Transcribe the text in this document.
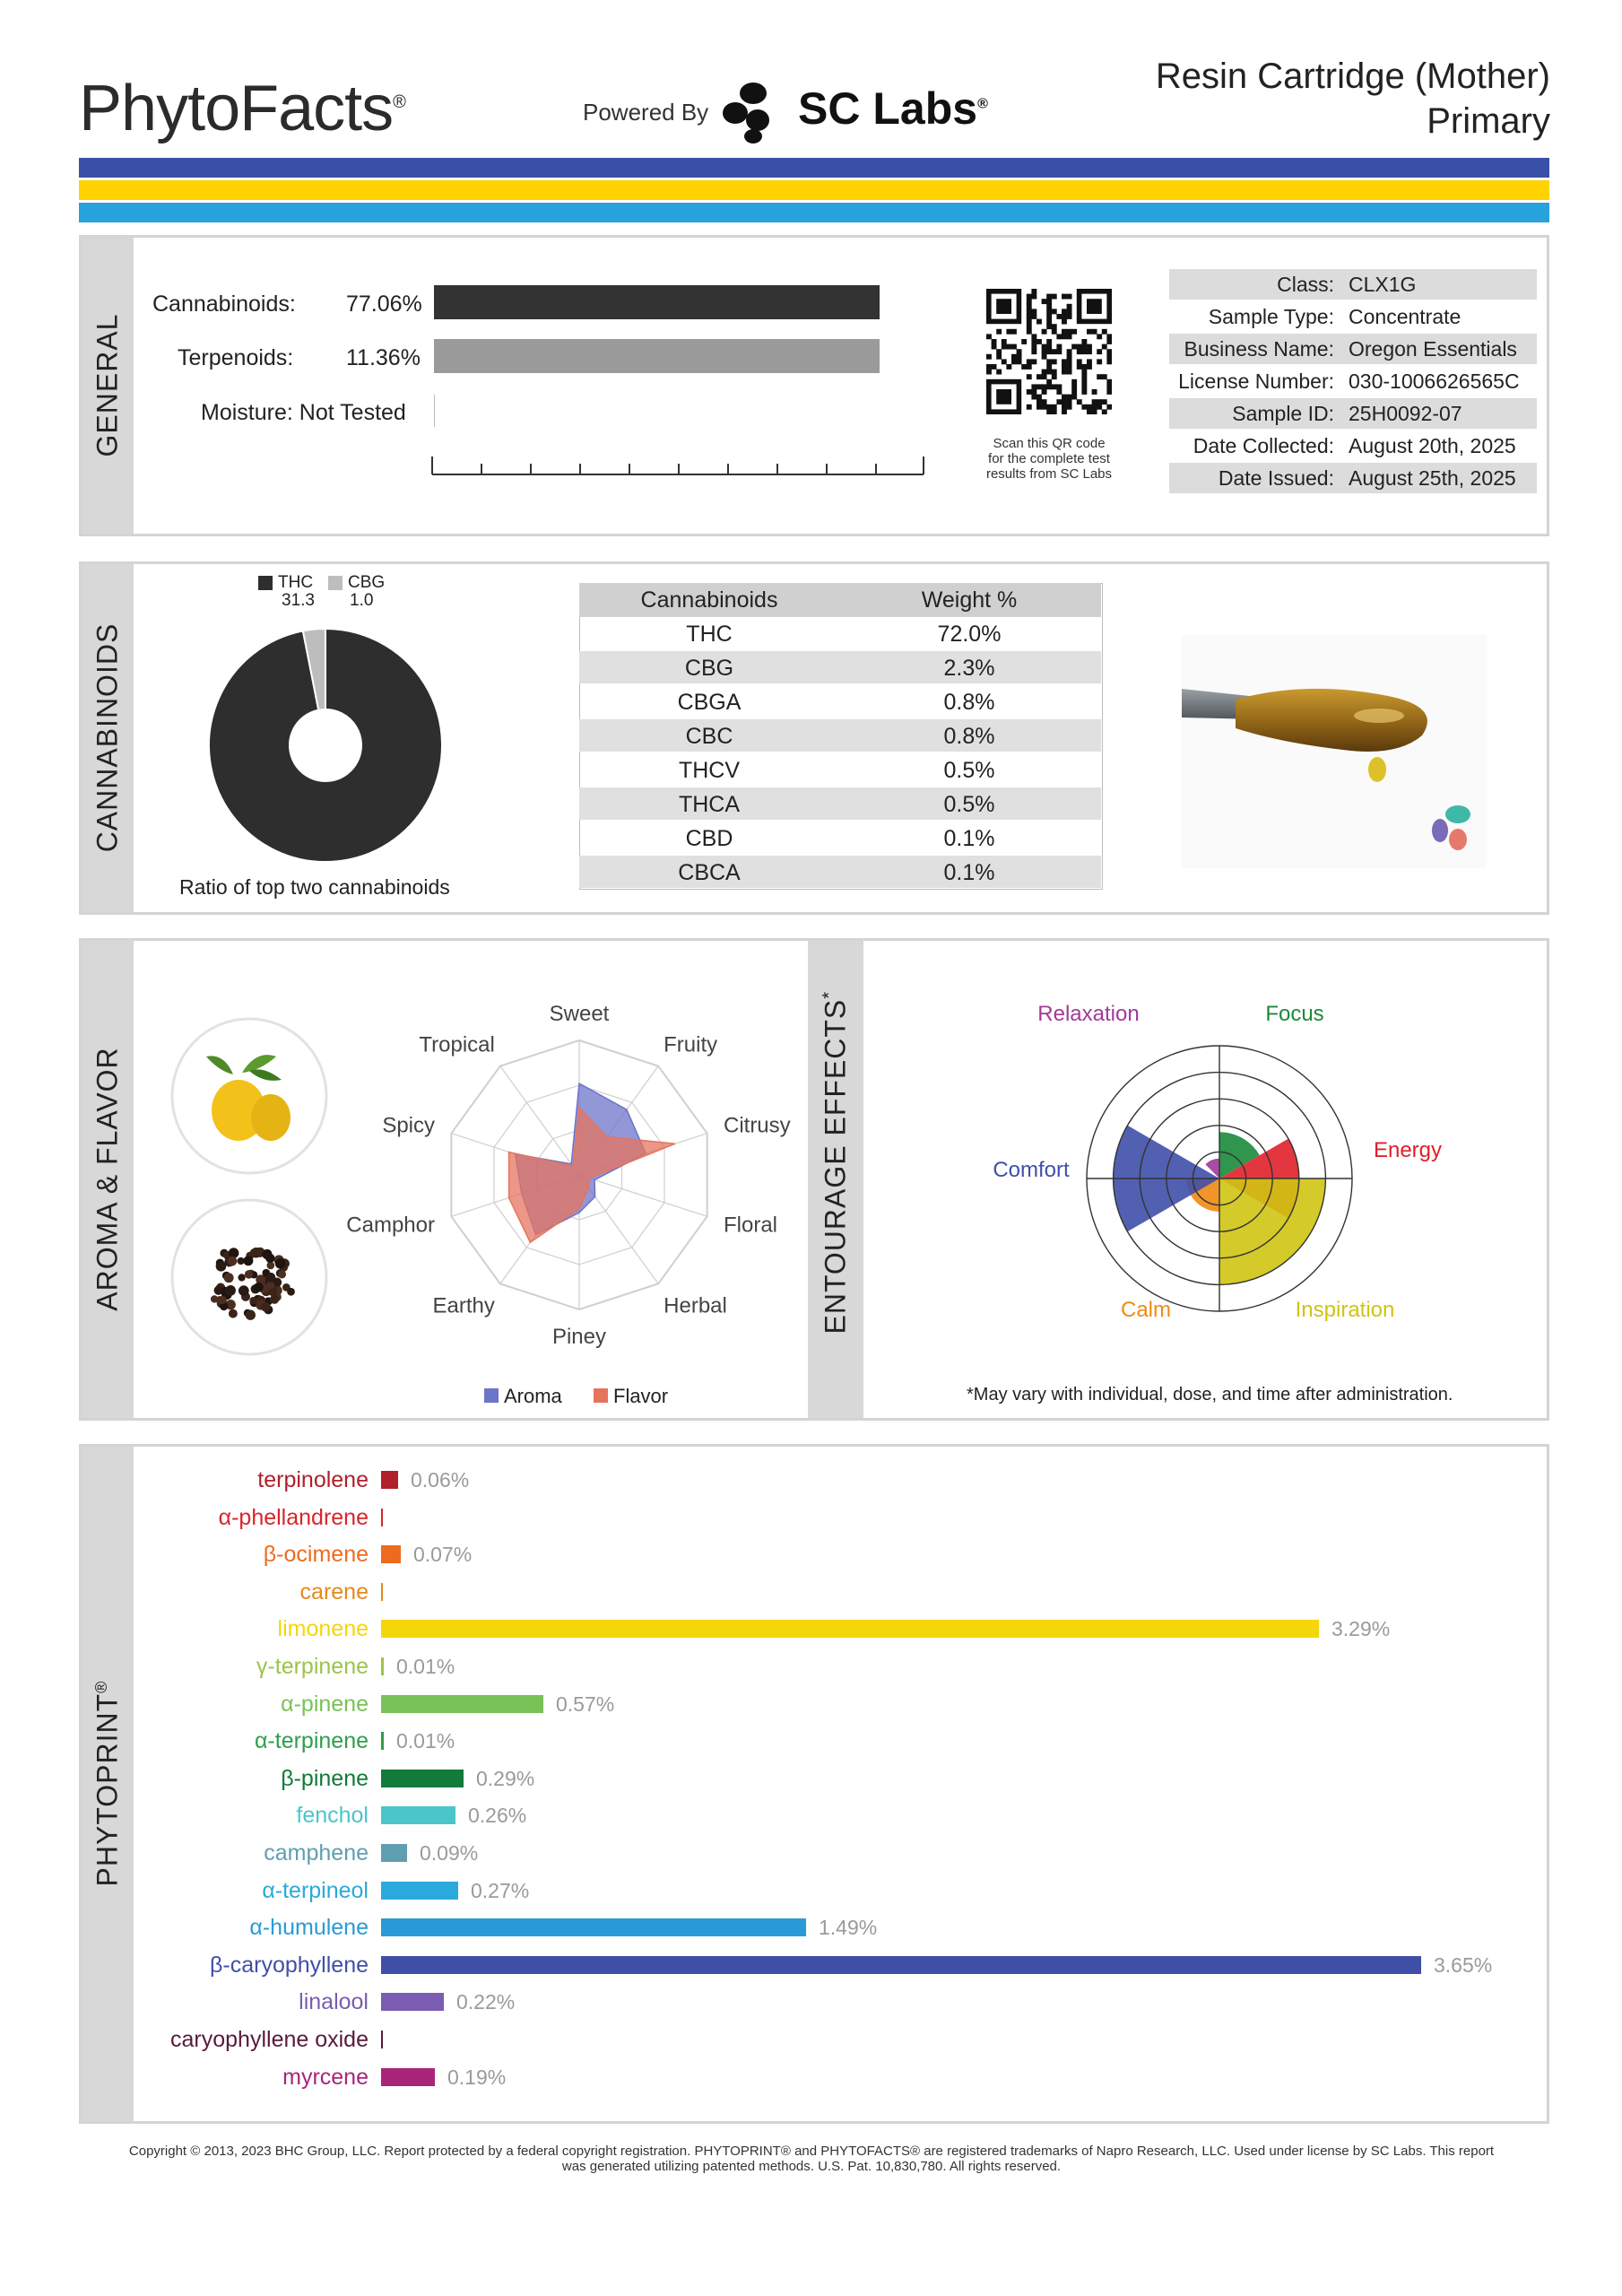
PhytoFacts®	Powered By SC Labs®
Resin Cartridge (Mother)
Primary
GENERAL
Cannabinoids: 77.06%
Terpenoids: 11.36%
Moisture: Not Tested
Scan this QR code
for the complete test
results from SC Labs
Class: CLX1G
Sample Type: Concentrate
Business Name: Oregon Essentials
License Number: 030-1006626565C
Sample ID: 25H0092-07
Date Collected: August 20th, 2025
Date Issued: August 25th, 2025
CANNABINOIDS
THC
31.3
CBG
1.0
Ratio of top two cannabinoids
Cannabinoids	Weight %
THC	72.0%
CBG	2.3%
CBGA	0.8%
CBC	0.8%
THCV	0.5%
THCA	0.5%
CBD	0.1%
CBCA	0.1%
AROMA & FLAVOR	ENTOURAGE EFFECTS*
Sweet
Fruity
Citrusy
Floral
Herbal
Piney
Earthy
Camphor
Spicy
Tropical
Aroma	Flavor
Relaxation	Focus
Energy
Inspiration
Calm
Comfort
*May vary with individual, dose, and time after administration.
PHYTOPRINT®
terpinolene 0.06%
α-phellandrene
β-ocimene 0.07%
carene
limonene	3.29%
γ-terpinene 0.01%
α-pinene	0.57%
α-terpinene 0.01%
β-pinene	0.29%
fenchol	0.26%
camphene 0.09%
α-terpineol	0.27%
α-humulene	1.49%
β-caryophyllene	3.65%
linalool	0.22%
caryophyllene oxide
myrcene	0.19%
Copyright © 2013, 2023 BHC Group, LLC. Report protected by a federal copyright registration. PHYTOPRINT® and PHYTOFACTS® are registered trademarks of Napro Research, LLC. Used under license by SC Labs. This report
was generated utilizing patented methods. U.S. Pat. 10,830,780. All rights reserved.
